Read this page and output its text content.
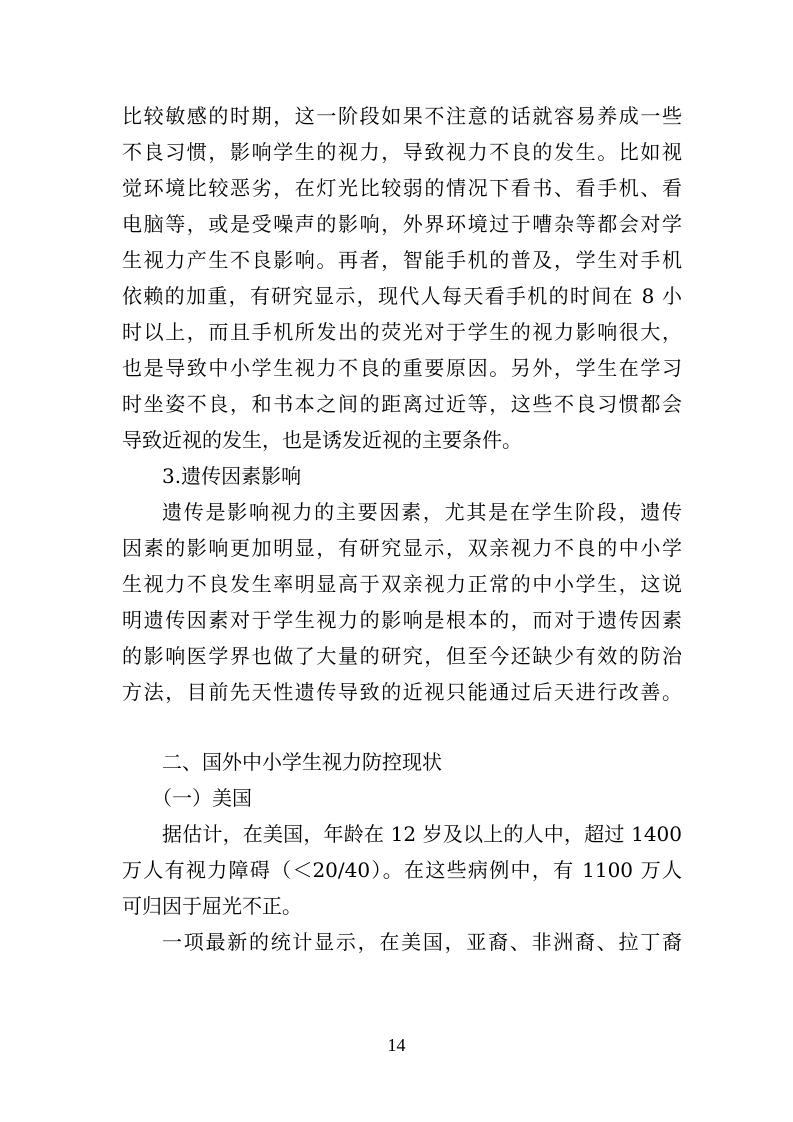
比较敏感的时期，这一阶段如果不注意的话就容易养成一些
不良习惯，影响学生的视力，导致视力不良的发生。比如视
觉环境比较恶劣，在灯光比较弱的情况下看书、看手机、看
电脑等，或是受噪声的影响，外界环境过于嘈杂等都会对学
生视力产生不良影响。再者，智能手机的普及，学生对手机
依赖的加重，有研究显示，现代人每天看手机的时间在 8 小
时以上，而且手机所发出的荧光对于学生的视力影响很大，
也是导致中小学生视力不良的重要原因。另外，学生在学习
时坐姿不良，和书本之间的距离过近等，这些不良习惯都会
导致近视的发生，也是诱发近视的主要条件。
3.遗传因素影响
遗传是影响视力的主要因素，尤其是在学生阶段，遗传
因素的影响更加明显，有研究显示，双亲视力不良的中小学
生视力不良发生率明显高于双亲视力正常的中小学生，这说
明遗传因素对于学生视力的影响是根本的，而对于遗传因素
的影响医学界也做了大量的研究，但至今还缺少有效的防治
方法，目前先天性遗传导致的近视只能通过后天进行改善。
二、国外中小学生视力防控现状
（一）美国
据估计，在美国，年龄在 12 岁及以上的人中，超过 1400
万人有视力障碍（＜20/40）。在这些病例中，有 1100 万人
可归因于屈光不正。
一项最新的统计显示，在美国，亚裔、非洲裔、拉丁裔
14
